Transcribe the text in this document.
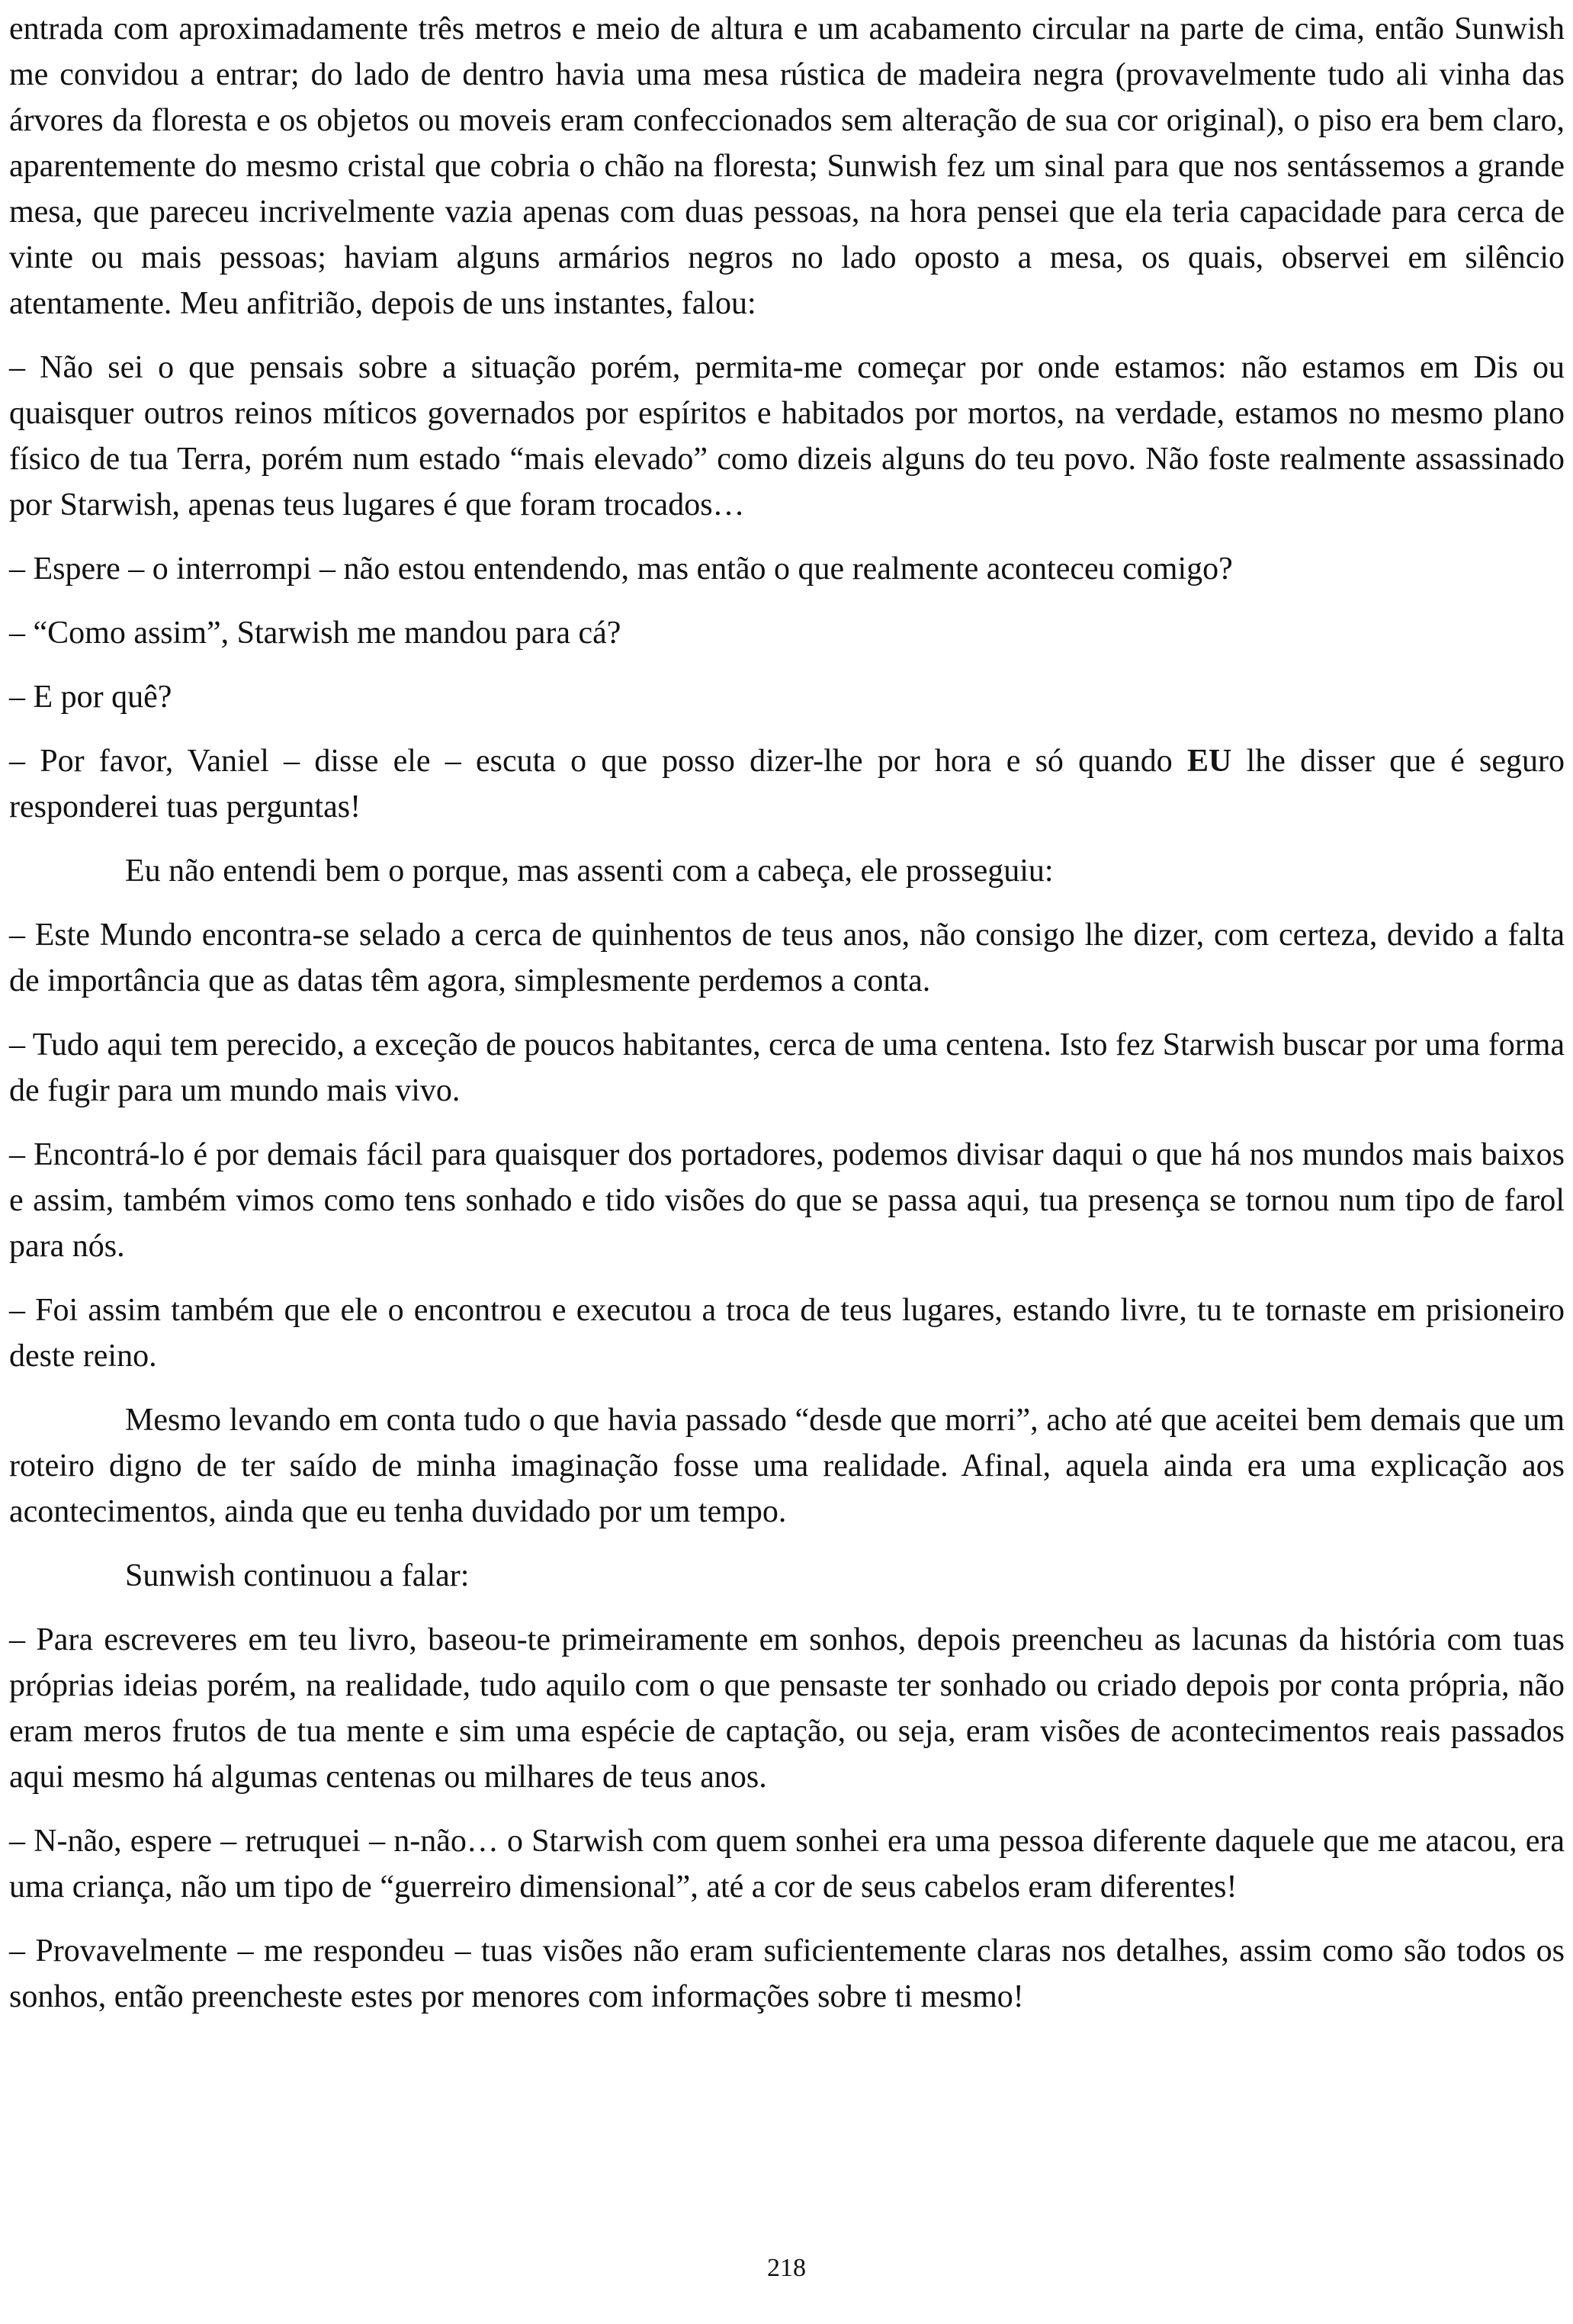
entrada com aproximadamente três metros e meio de altura e um acabamento circular na parte de cima, então Sunwish me convidou a entrar; do lado de dentro havia uma mesa rústica de madeira negra (provavelmente tudo ali vinha das árvores da floresta e os objetos ou moveis eram confeccionados sem alteração de sua cor original), o piso era bem claro, aparentemente do mesmo cristal que cobria o chão na floresta; Sunwish fez um sinal para que nos sentássemos a grande mesa, que pareceu incrivelmente vazia apenas com duas pessoas, na hora pensei que ela teria capacidade para cerca de vinte ou mais pessoas; haviam alguns armários negros no lado oposto a mesa, os quais, observei em silêncio atentamente. Meu anfitrião, depois de uns instantes, falou:

– Não sei o que pensais sobre a situação porém, permita-me começar por onde estamos: não estamos em Dis ou quaisquer outros reinos míticos governados por espíritos e habitados por mortos, na verdade, estamos no mesmo plano físico de tua Terra, porém num estado “mais elevado” como dizeis alguns do teu povo. Não foste realmente assassinado por Starwish, apenas teus lugares é que foram trocados…

– Espere – o interrompi – não estou entendendo, mas então o que realmente aconteceu comigo?

– “Como assim”, Starwish me mandou para cá?

– E por quê?

– Por favor, Vaniel – disse ele – escuta o que posso dizer-lhe por hora e só quando EU lhe disser que é seguro responderei tuas perguntas!

Eu não entendi bem o porque, mas assenti com a cabeça, ele prosseguiu:

– Este Mundo encontra-se selado a cerca de quinhentos de teus anos, não consigo lhe dizer, com certeza, devido a falta de importância que as datas têm agora, simplesmente perdemos a conta.

– Tudo aqui tem perecido, a exceção de poucos habitantes, cerca de uma centena. Isto fez Starwish buscar por uma forma de fugir para um mundo mais vivo.

– Encontrá-lo é por demais fácil para quaisquer dos portadores, podemos divisar daqui o que há nos mundos mais baixos e assim, também vimos como tens sonhado e tido visões do que se passa aqui, tua presença se tornou num tipo de farol para nós.

– Foi assim também que ele o encontrou e executou a troca de teus lugares, estando livre, tu te tornaste em prisioneiro deste reino.

Mesmo levando em conta tudo o que havia passado “desde que morri”, acho até que aceitei bem demais que um roteiro digno de ter saído de minha imaginação fosse uma realidade. Afinal, aquela ainda era uma explicação aos acontecimentos, ainda que eu tenha duvidado por um tempo.

Sunwish continuou a falar:

– Para escreveres em teu livro, baseou-te primeiramente em sonhos, depois preencheu as lacunas da história com tuas próprias ideias porém, na realidade, tudo aquilo com o que pensaste ter sonhado ou criado depois por conta própria, não eram meros frutos de tua mente e sim uma espécie de captação, ou seja, eram visões de acontecimentos reais passados aqui mesmo há algumas centenas ou milhares de teus anos.

– N-não, espere – retruquei – n-não… o Starwish com quem sonhei era uma pessoa diferente daquele que me atacou, era uma criança, não um tipo de “guerreiro dimensional”, até a cor de seus cabelos eram diferentes!

– Provavelmente – me respondeu – tuas visões não eram suficientemente claras nos detalhes, assim como são todos os sonhos, então preencheste estes por menores com informações sobre ti mesmo!

218
